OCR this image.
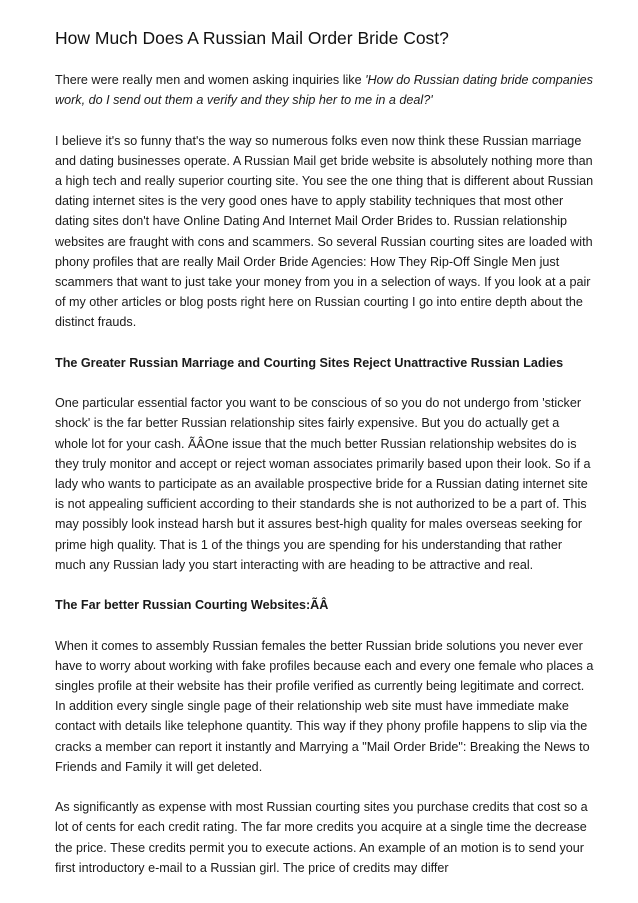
How Much Does A Russian Mail Order Bride Cost?

There were really men and women asking inquiries like 'How do Russian dating bride companies work, do I send out them a verify and they ship her to me in a deal?'

I believe it's so funny that's the way so numerous folks even now think these Russian marriage and dating businesses operate. A Russian Mail get bride website is absolutely nothing more than a high tech and really superior courting site. You see the one thing that is different about Russian dating internet sites is the very good ones have to apply stability techniques that most other dating sites don't have Online Dating And Internet Mail Order Brides to. Russian relationship websites are fraught with cons and scammers. So several Russian courting sites are loaded with phony profiles that are really Mail Order Bride Agencies: How They Rip-Off Single Men just scammers that want to just take your money from you in a selection of ways. If you look at a pair of my other articles or blog posts right here on Russian courting I go into entire depth about the distinct frauds.

The Greater Russian Marriage and Courting Sites Reject Unattractive Russian Ladies

One particular essential factor you want to be conscious of so you do not undergo from 'sticker shock' is the far better Russian relationship sites fairly expensive. But you do actually get a whole lot for your cash. ÃÂOne issue that the much better Russian relationship websites do is they truly monitor and accept or reject woman associates primarily based upon their look. So if a lady who wants to participate as an available prospective bride for a Russian dating internet site is not appealing sufficient according to their standards she is not authorized to be a part of. This may possibly look instead harsh but it assures best-high quality for males overseas seeking for prime high quality. That is 1 of the things you are spending for his understanding that rather much any Russian lady you start interacting with are heading to be attractive and real.

The Far better Russian Courting Websites:ÃÂ

When it comes to assembly Russian females the better Russian bride solutions you never ever have to worry about working with fake profiles because each and every one female who places a singles profile at their website has their profile verified as currently being legitimate and correct. In addition every single single page of their relationship web site must have immediate make contact with details like telephone quantity. This way if they phony profile happens to slip via the cracks a member can report it instantly and Marrying a "Mail Order Bride": Breaking the News to Friends and Family it will get deleted.

As significantly as expense with most Russian courting sites you purchase credits that cost so a lot of cents for each credit rating. The far more credits you acquire at a single time the decrease the price. These credits permit you to execute actions. An example of an motion is to send your first introductory e-mail to a Russian girl. The price of credits may differ
